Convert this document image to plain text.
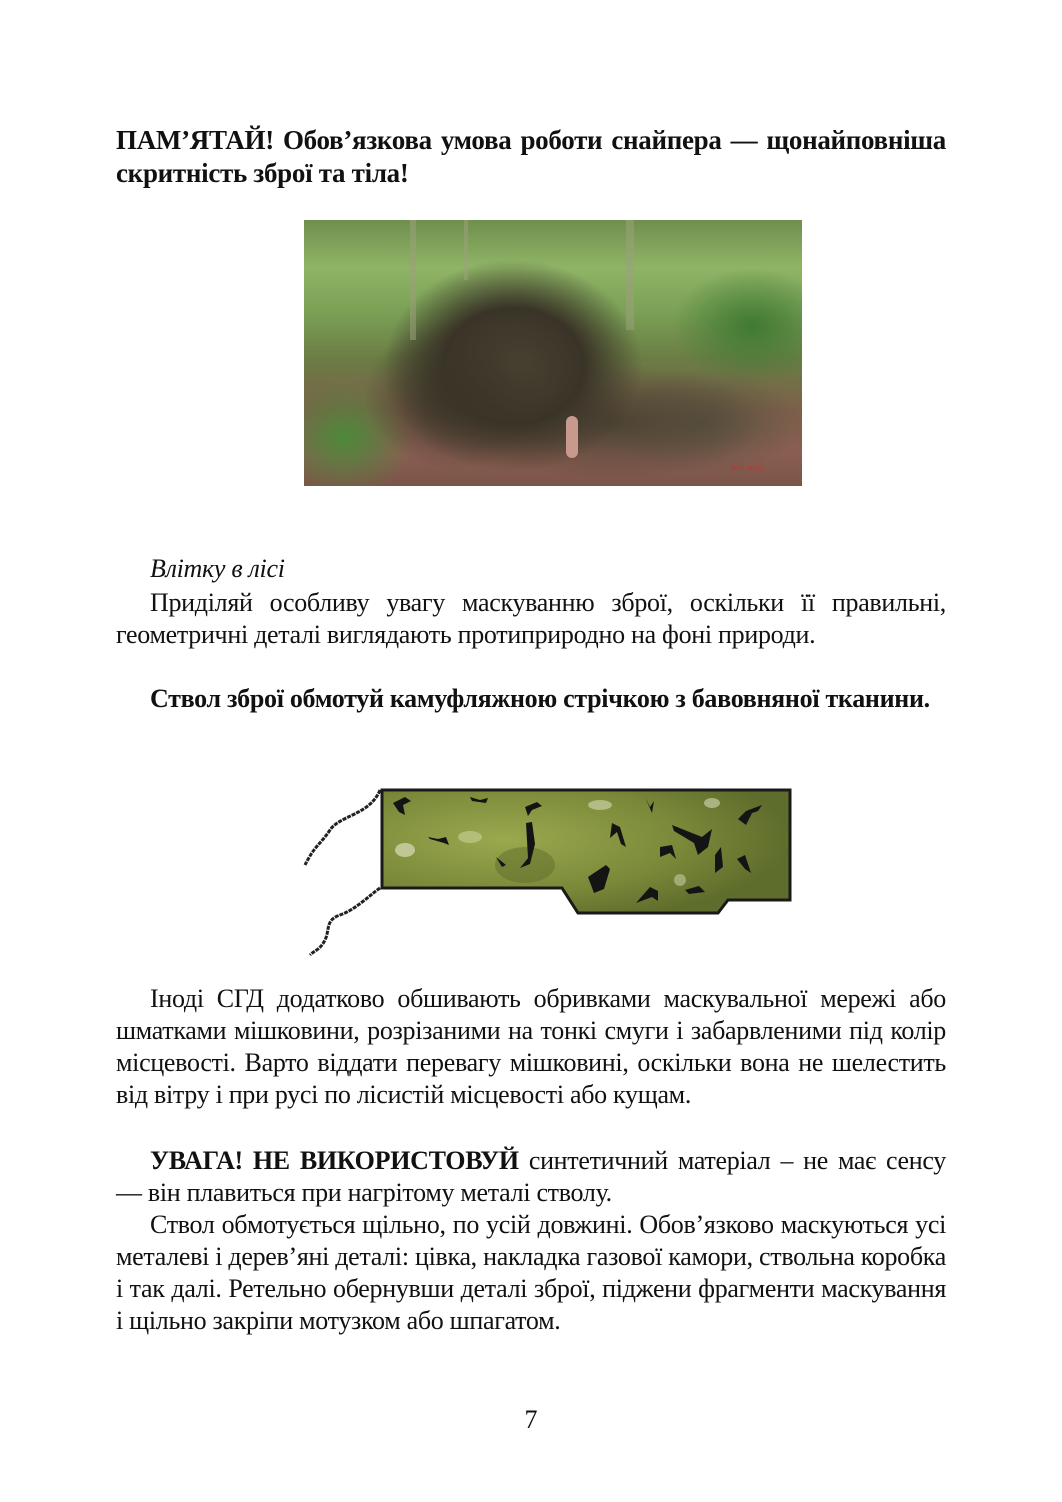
ПАМ’ЯТАЙ! Обов’язкова умова роботи снайпера — щонайповніша скритність зброї та тіла!

дані сайту

Влітку в лісі

Приділяй особливу увагу маскуванню зброї, оскільки її правильні, геометричні деталі виглядають протиприродно на фоні природи.

Ствол зброї обмотуй камуфляжною стрічкою з бавовняної тканини.

Іноді СГД додатково обшивають обривками маскувальної мережі або шматками мішковини, розрізаними на тонкі смуги і забарвленими під колір місцевості. Варто віддати перевагу мішковині, оскільки вона не шелестить від вітру і при русі по лісистій місцевості або кущам.

УВАГА! НЕ ВИКОРИСТОВУЙ синтетичний матеріал – не має сенсу — він плавиться при нагрітому металі стволу.

Ствол обмотується щільно, по усій довжині. Обов’язково маскуються усі металеві і дерев’яні деталі: цівка, накладка газової камори, ствольна коробка і так далі. Ретельно обернувши деталі зброї, піджени фрагменти маскування і щільно закріпи мотузком або шпагатом.

7
